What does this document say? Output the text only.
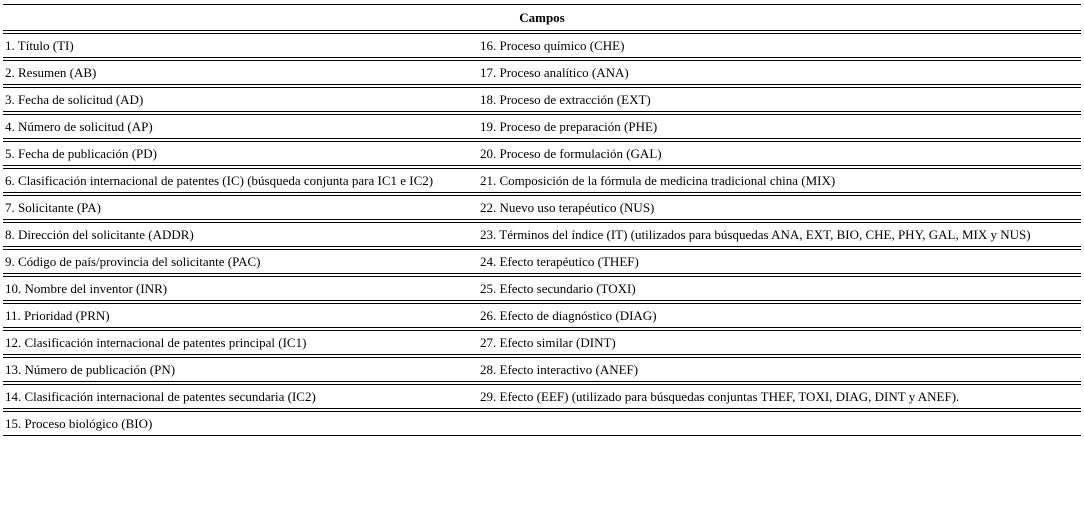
Campos
1. Título (TI)	16. Proceso químico (CHE)
2. Resumen (AB)	17. Proceso analítico (ANA)
3. Fecha de solicitud (AD)	18. Proceso de extracción (EXT)
4. Número de solicitud (AP)	19. Proceso de preparación (PHE)
5. Fecha de publicación (PD)	20. Proceso de formulación (GAL)
6. Clasificación internacional de patentes (IC) (búsqueda conjunta para IC1 e IC2)	21. Composición de la fórmula de medicina tradicional china (MIX)
7. Solicitante (PA)	22. Nuevo uso terapéutico (NUS)
8. Dirección del solicitante (ADDR)	23. Términos del índice (IT) (utilizados para búsquedas ANA, EXT, BIO, CHE, PHY, GAL, MIX y NUS)
9. Código de país/provincia del solicitante (PAC)	24. Efecto terapéutico (THEF)
10. Nombre del inventor (INR)	25. Efecto secundario (TOXI)
11. Prioridad (PRN)	26. Efecto de diagnóstico (DIAG)
12. Clasificación internacional de patentes principal (IC1)	27. Efecto similar (DINT)
13. Número de publicación (PN)	28. Efecto interactivo (ANEF)
14. Clasificación internacional de patentes secundaria (IC2)	29. Efecto (EEF) (utilizado para búsquedas conjuntas THEF, TOXI, DIAG, DINT y ANEF).
15. Proceso biológico (BIO)
